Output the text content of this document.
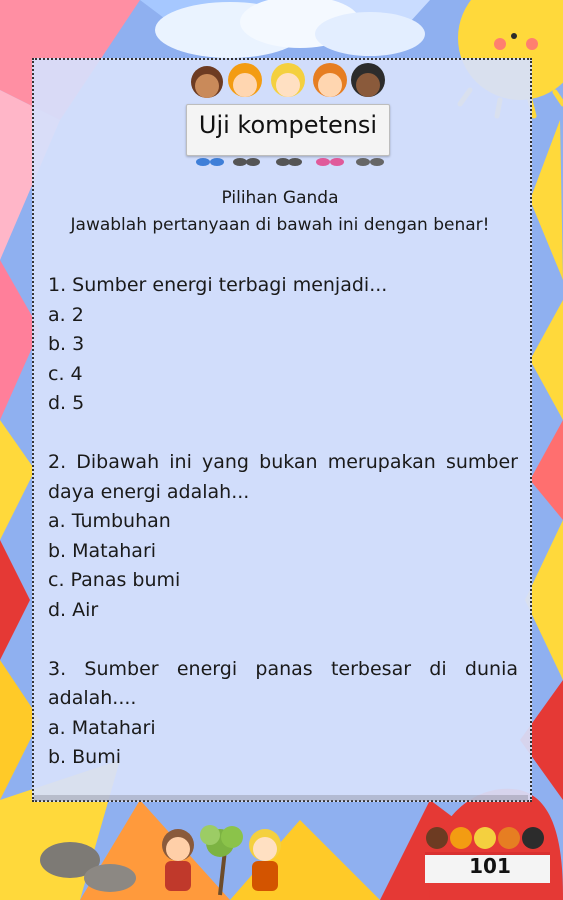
Uji kompetensi
Pilihan Ganda
Jawablah pertanyaan di bawah ini dengan benar!
1. Sumber energi terbagi menjadi...
a. 2
b. 3
c. 4
d. 5
2. Dibawah ini yang bukan merupakan sumber daya energi adalah...
a. Tumbuhan
b. Matahari
c. Panas bumi
d. Air
3. Sumber energi panas terbesar di dunia adalah....
a. Matahari
b. Bumi
101
